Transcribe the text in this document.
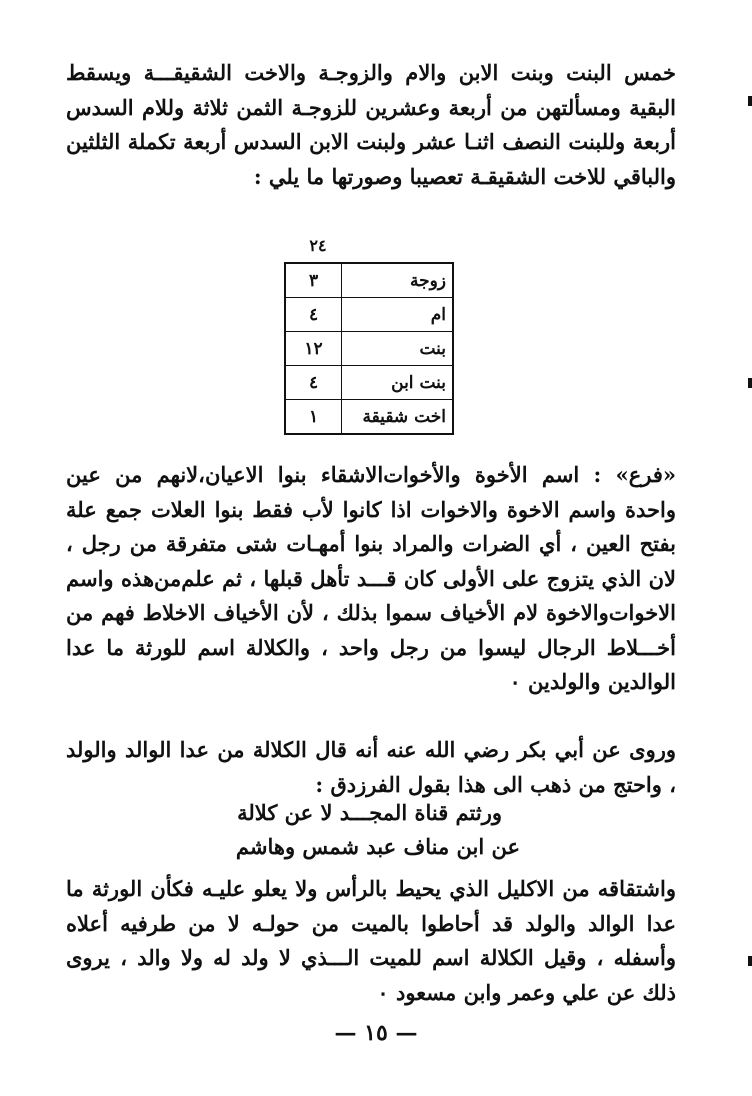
خمس البنت وبنت الابن والام والزوجـة والاخت الشقيقـــة ويسقط البقية ومسألتهن من أربعة وعشرين للزوجـة الثمن ثلاثة وللام السدس أربعة وللبنت النصف اثنـا عشر ولبنت الابن السدس أربعة تكملة الثلثين والباقي للاخت الشقيقـة تعصيبا وصورتها ما يلي :

٢٤
زوجة	٣
ام	٤
بنت	١٢
بنت ابن	٤
اخت شقيقة	١

«فرع» : اسم الأخوة والأخوات‌الاشقاء بنوا الاعيان،لانهم من عين واحدة واسم الاخوة والاخوات اذا كانوا لأب فقط بنوا العلات جمع علة بفتح العين ، أي الضرات والمراد بنوا أمهـات شتى متفرقة من رجل ، لان الذي يتزوج على الأولى كان قـــد تأهل قبلها ، ثم علم‌من‌هذه واسم الاخوات‌والاخوة لام الأخياف سموا بذلك ، لأن الأخياف الاخلاط فهم من أخـــلاط الرجال ليسوا من رجل واحد ، والكلالة اسم للورثة ما عدا الوالدين والولدين ٠

وروى عن أبي بكر رضي الله عنه أنه قال الكلالة من عدا الوالد والولد ، واحتج من ذهب الى هذا بقول الفرزدق :

ورثتم قناة المجـــد لا عن كلالة
عن ابن مناف عبد شمس وهاشم

واشتقاقه من الاكليل الذي يحيط بالرأس ولا يعلو عليـه فكأن الورثة ما عدا الوالد والولد قد أحاطوا بالميت من حولـه لا من طرفيه أعلاه وأسفله ، وقيل الكلالة اسم للميت الـــذي لا ولد له ولا والد ، يروى ذلك عن علي وعمر وابن مسعود ٠

— ١٥ —
